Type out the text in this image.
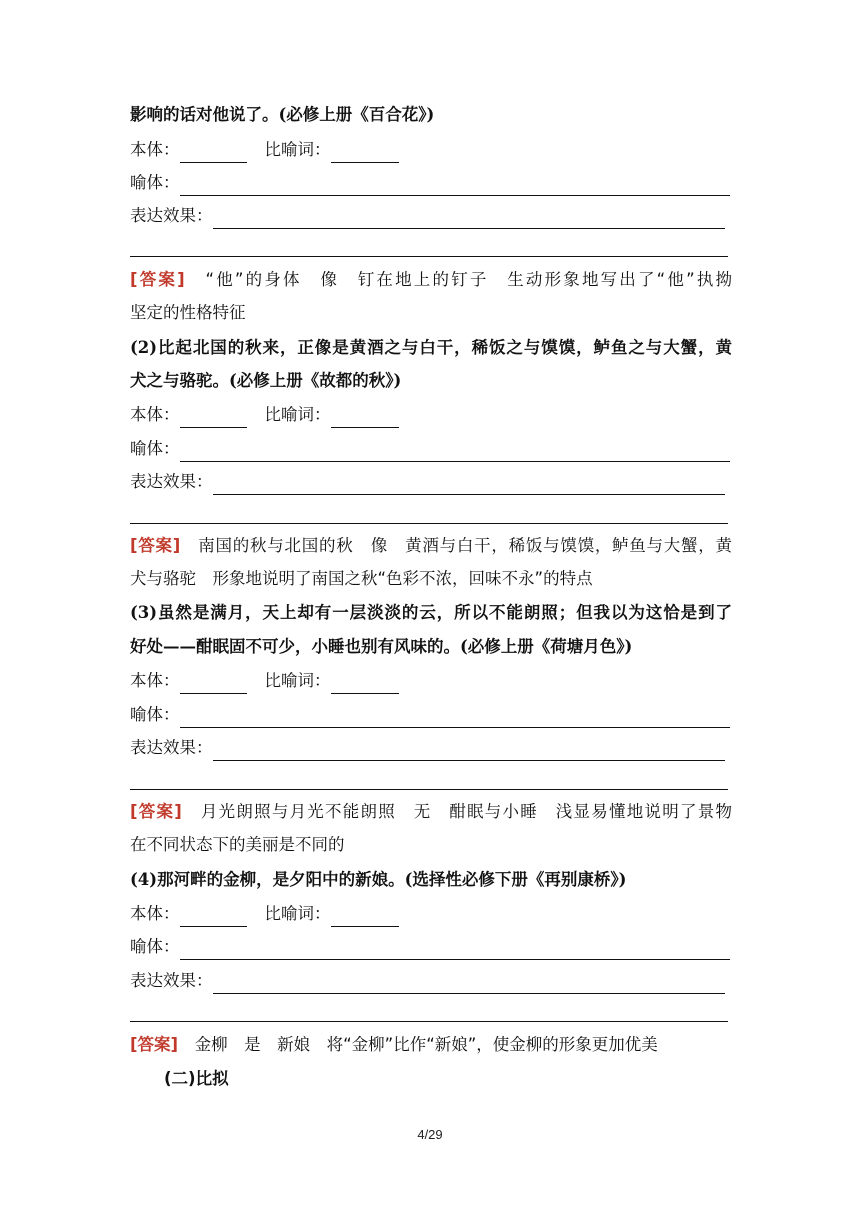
影响的话对他说了。(必修上册《百合花》)
本体：	比喻词：
喻体：
表达效果：
[答案]　 “他”的身体　像　钉在地上的钉子　生动形象地写出了“他”执拗
坚定的性格特征
(2)比起北国的秋来，正像是黄酒之与白干，稀饭之与馍馍，鲈鱼之与大蟹，黄
犬之与骆驼。(必修上册《故都的秋》)
本体：	比喻词：
喻体：
表达效果：
[答案]　 南国的秋与北国的秋　像　黄酒与白干，稀饭与馍馍，鲈鱼与大蟹，黄
犬与骆驼　形象地说明了南国之秋“色彩不浓，回味不永”的特点
(3)虽然是满月，天上却有一层淡淡的云，所以不能朗照；但我以为这恰是到了
好处——酣眠固不可少，小睡也别有风味的。(必修上册《荷塘月色》)
本体：	比喻词：
喻体：
表达效果：
[答案]　 月光朗照与月光不能朗照　无　酣眠与小睡　浅显易懂地说明了景物
在不同状态下的美丽是不同的
(4)那河畔的金柳，是夕阳中的新娘。(选择性必修下册《再别康桥》)
本体：	比喻词：
喻体：
表达效果：
[答案]　 金柳　是　新娘　将“金柳”比作“新娘”，使金柳的形象更加优美
(二)比拟
4/29
